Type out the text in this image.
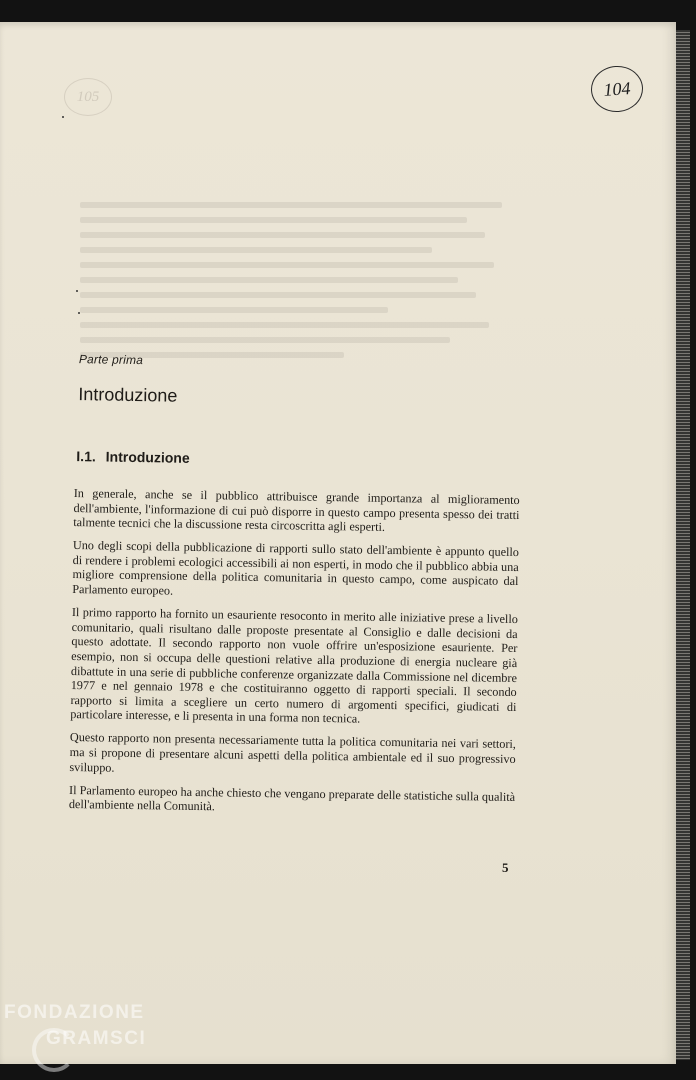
105	104
Parte prima
Introduzione
I.1. Introduzione

In generale, anche se il pubblico attribuisce grande importanza al miglioramento dell'ambiente, l'informazione di cui può disporre in questo campo presenta spesso dei tratti talmente tecnici che la discussione resta circoscritta agli esperti.

Uno degli scopi della pubblicazione di rapporti sullo stato dell'ambiente è appunto quello di rendere i problemi ecologici accessibili ai non esperti, in modo che il pubblico abbia una migliore comprensione della politica comunitaria in questo campo, come auspicato dal Parlamento europeo.

Il primo rapporto ha fornito un esauriente resoconto in merito alle iniziative prese a livello comunitario, quali risultano dalle proposte presentate al Consiglio e dalle decisioni da questo adottate. Il secondo rapporto non vuole offrire un'esposizione esauriente. Per esempio, non si occupa delle questioni relative alla produzione di energia nucleare già dibattute in una serie di pubbliche conferenze organizzate dalla Commissione nel dicembre 1977 e nel gennaio 1978 e che costituiranno oggetto di rapporti speciali. Il secondo rapporto si limita a scegliere un certo numero di argomenti specifici, giudicati di particolare interesse, e li presenta in una forma non tecnica.

Questo rapporto non presenta necessariamente tutta la politica comunitaria nei vari settori, ma si propone di presentare alcuni aspetti della politica ambientale ed il suo progressivo sviluppo.

Il Parlamento europeo ha anche chiesto che vengano preparate delle statistiche sulla qualità dell'ambiente nella Comunità.

5
FONDAZIONE
GRAMSCI
